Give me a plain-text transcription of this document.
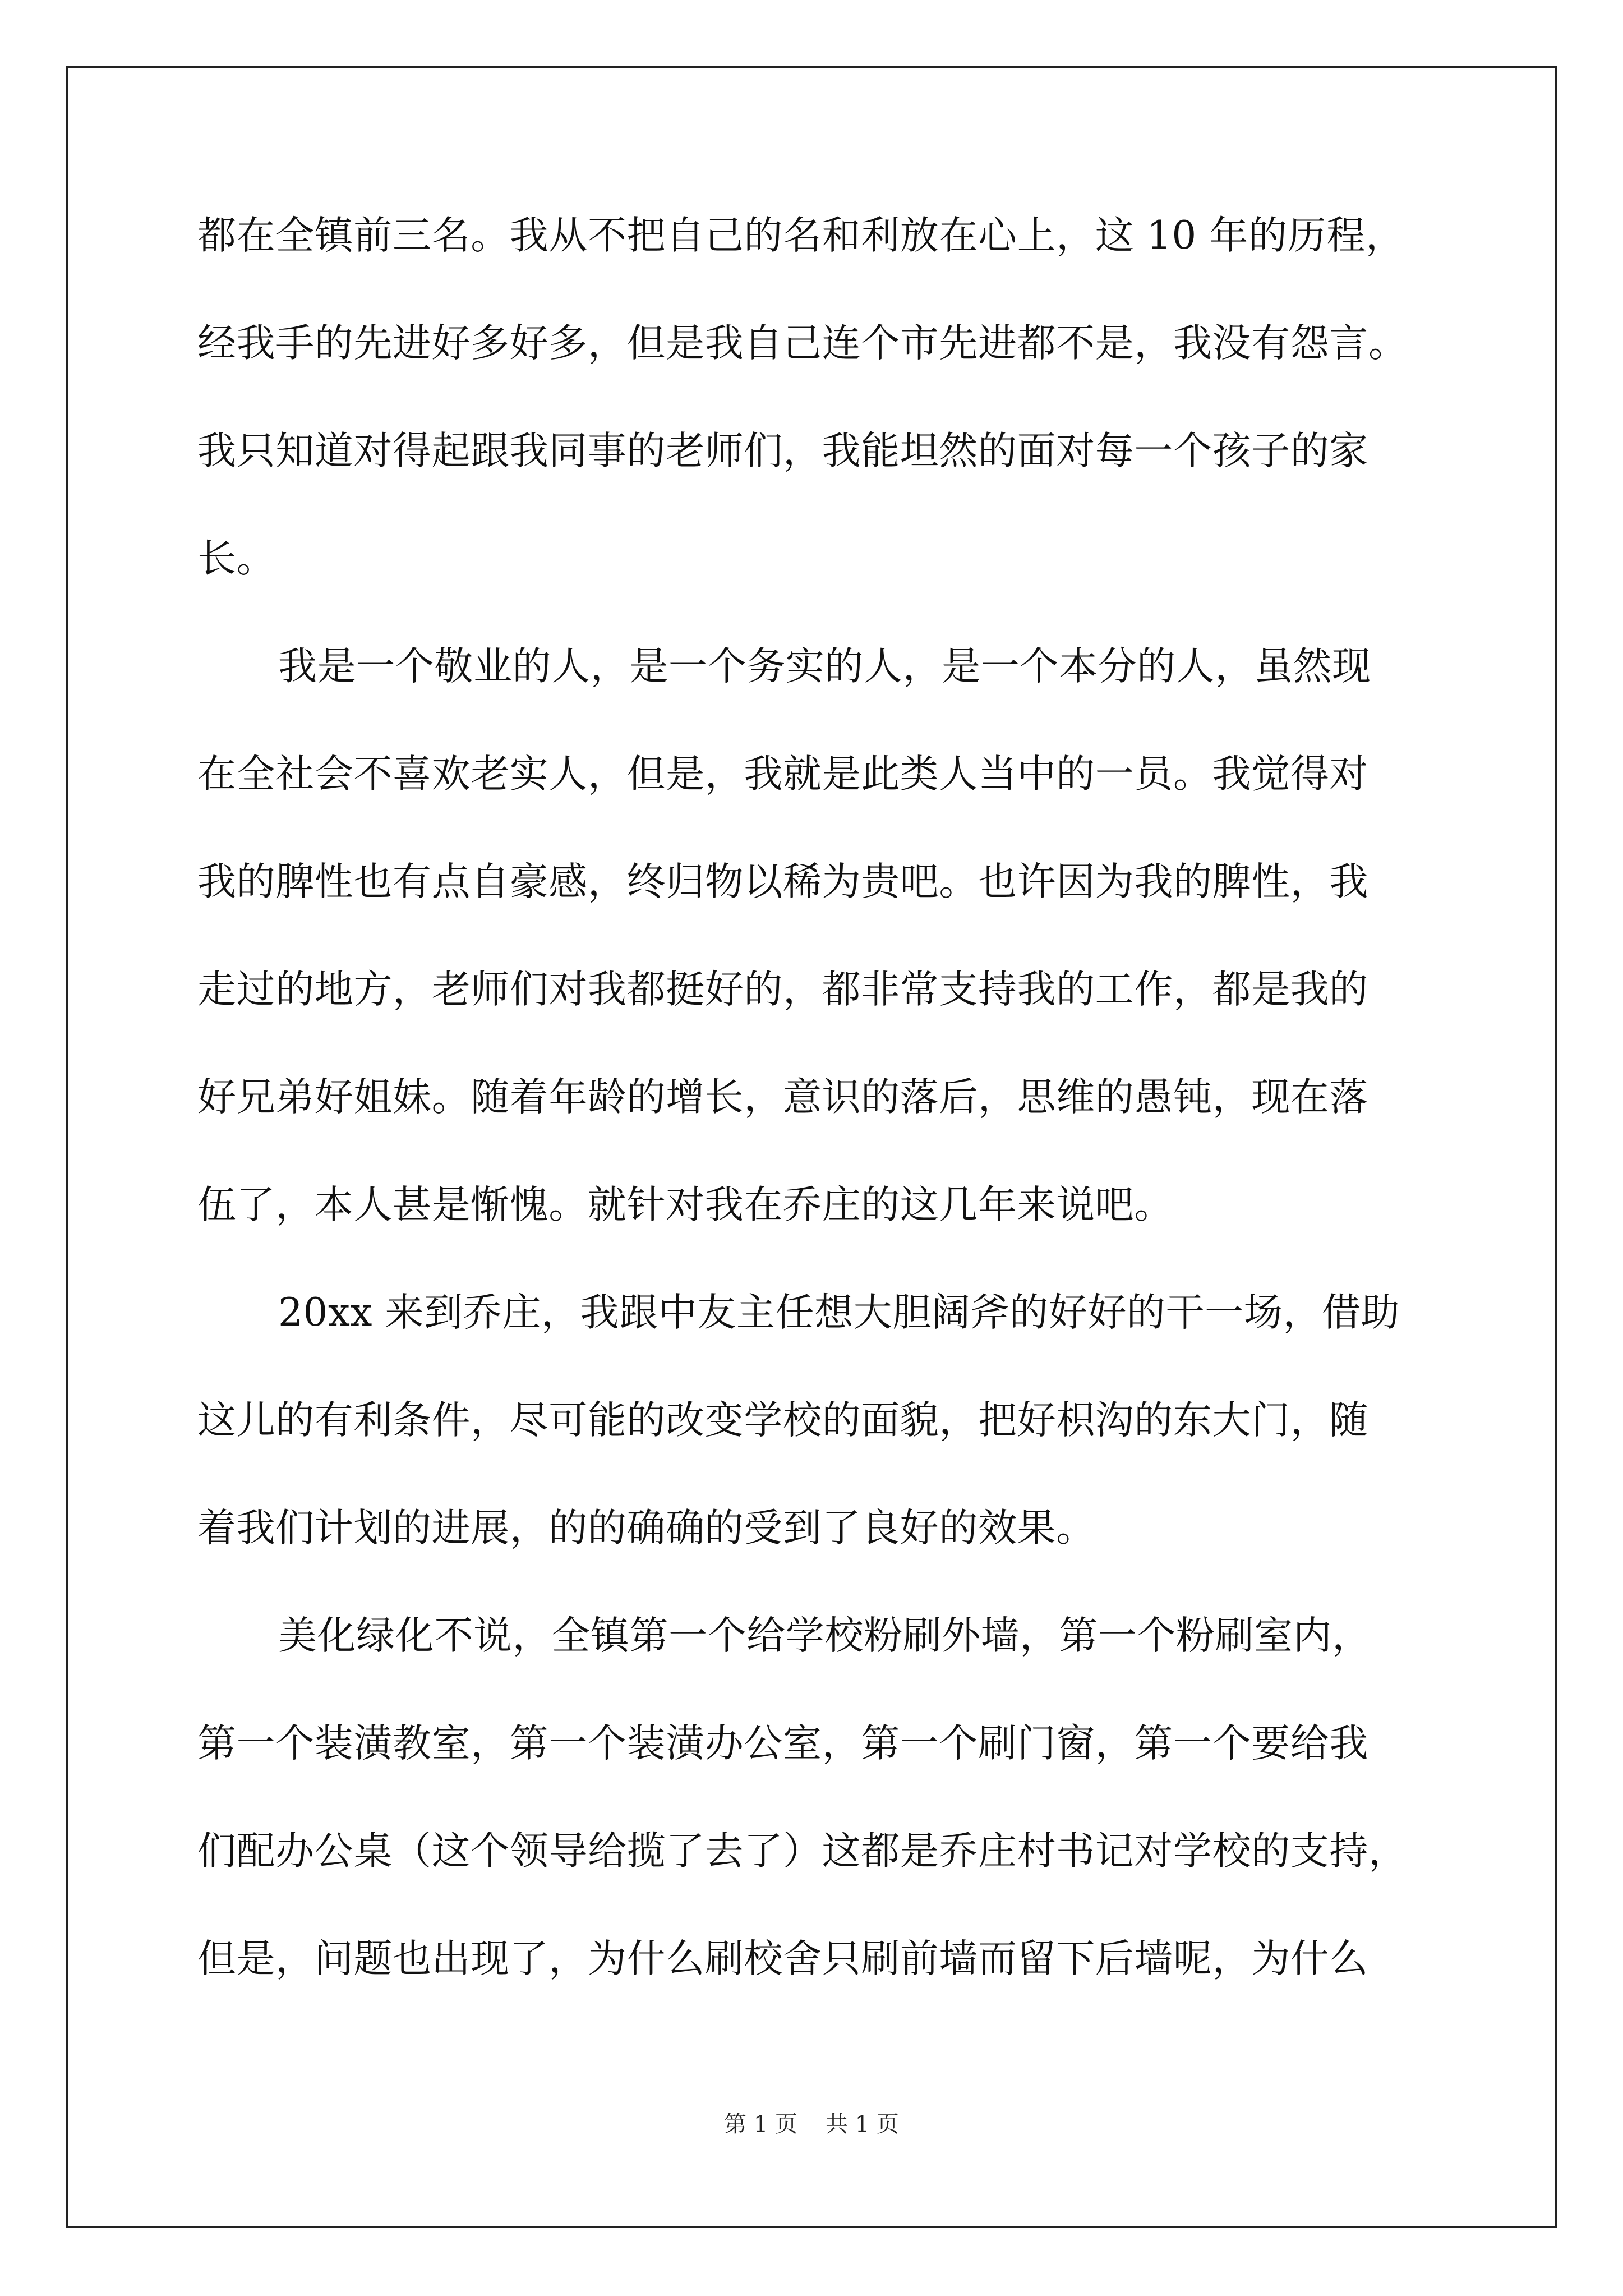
都在全镇前三名。我从不把自己的名和利放在心上，这 10 年的历程，
经我手的先进好多好多，但是我自己连个市先进都不是，我没有怨言。
我只知道对得起跟我同事的老师们，我能坦然的面对每一个孩子的家
长。
我是一个敬业的人，是一个务实的人，是一个本分的人，虽然现
在全社会不喜欢老实人，但是，我就是此类人当中的一员。我觉得对
我的脾性也有点自豪感，终归物以稀为贵吧。也许因为我的脾性，我
走过的地方，老师们对我都挺好的，都非常支持我的工作，都是我的
好兄弟好姐妹。随着年龄的增长，意识的落后，思维的愚钝，现在落
伍了，本人甚是惭愧。就针对我在乔庄的这几年来说吧。
20xx 来到乔庄，我跟中友主任想大胆阔斧的好好的干一场，借助
这儿的有利条件，尽可能的改变学校的面貌，把好枳沟的东大门，随
着我们计划的进展，的的确确的受到了良好的效果。
美化绿化不说，全镇第一个给学校粉刷外墙，第一个粉刷室内，
第一个装潢教室，第一个装潢办公室，第一个刷门窗，第一个要给我
们配办公桌（这个领导给揽了去了）这都是乔庄村书记对学校的支持，
但是，问题也出现了，为什么刷校舍只刷前墙而留下后墙呢，为什么
第 1 页 共 1 页
